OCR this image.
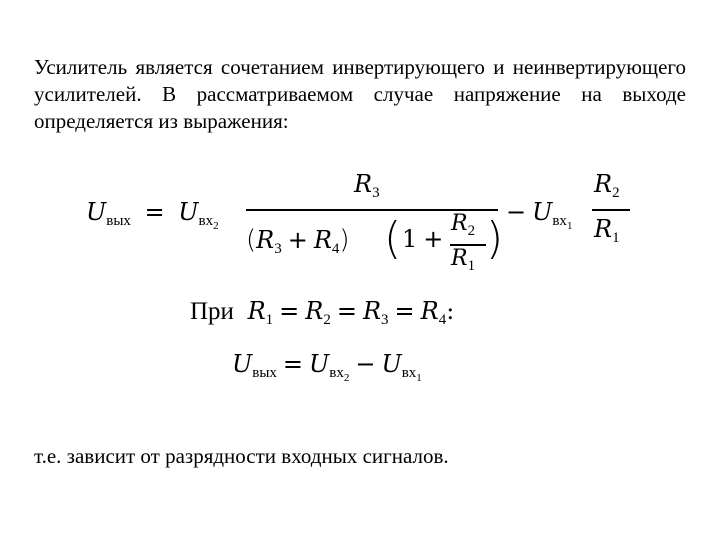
Усилитель является сочетанием инвертирующего и неинвертирующего усилителей. В рассматриваемом случае напряжение на выходе определяется из выражения:

$U_{вых} = U_{вх_2}$
$R_3$
$(R_3 + R_4)$ ( 1 +
$R_2$
$R_1$
)
− $U_{вх_1}$
$R_2$
$R_1$
При $R_1 = R_2 = R_3 = R_4$:
$U_{вых} = U_{вх_2} - U_{вх_1}$
т.е. зависит от разрядности входных сигналов.
